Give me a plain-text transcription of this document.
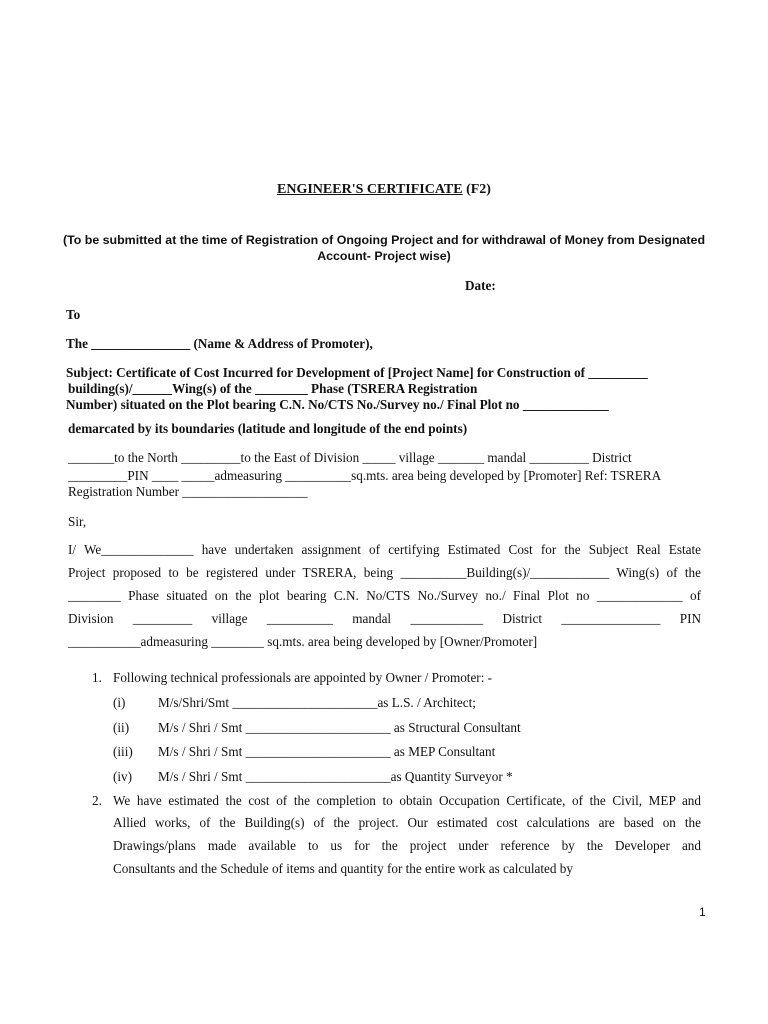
ENGINEER'S CERTIFICATE (F2)
(To be submitted at the time of Registration of Ongoing Project and for withdrawal of Money from Designated
Account- Project wise)
Date:
To
The _______________ (Name & Address of Promoter),
Subject: Certificate of Cost Incurred for Development of [Project Name] for Construction of _________
building(s)/______Wing(s) of the ________ Phase (TSRERA Registration
Number) situated on the Plot bearing C.N. No/CTS No./Survey no./ Final Plot no _____________
demarcated by its boundaries (latitude and longitude of the end points)
_______to the North _________to the East of Division _____ village _______ mandal _________ District
_________PIN ____ _____admeasuring __________sq.mts. area being developed by [Promoter] Ref: TSRERA
Registration Number ___________________
Sir,
I/ We______________ have undertaken assignment of certifying Estimated Cost for the Subject Real Estate
Project proposed to be registered under TSRERA, being __________Building(s)/____________ Wing(s) of the
________ Phase situated on the plot bearing C.N. No/CTS No./Survey no./ Final Plot no _____________ of
Division _________ village __________ mandal ___________ District _______________ PIN
___________admeasuring ________ sq.mts. area being developed by [Owner/Promoter]
1. Following technical professionals are appointed by Owner / Promoter: -
(i) M/s/Shri/Smt ______________________as L.S. / Architect;
(ii) M/s / Shri / Smt ______________________ as Structural Consultant
(iii) M/s / Shri / Smt ______________________ as MEP Consultant
(iv) M/s / Shri / Smt ______________________as Quantity Surveyor *
2. We have estimated the cost of the completion to obtain Occupation Certificate, of the Civil, MEP and
Allied works, of the Building(s) of the project. Our estimated cost calculations are based on the
Drawings/plans made available to us for the project under reference by the Developer and
Consultants and the Schedule of items and quantity for the entire work as calculated by
1
